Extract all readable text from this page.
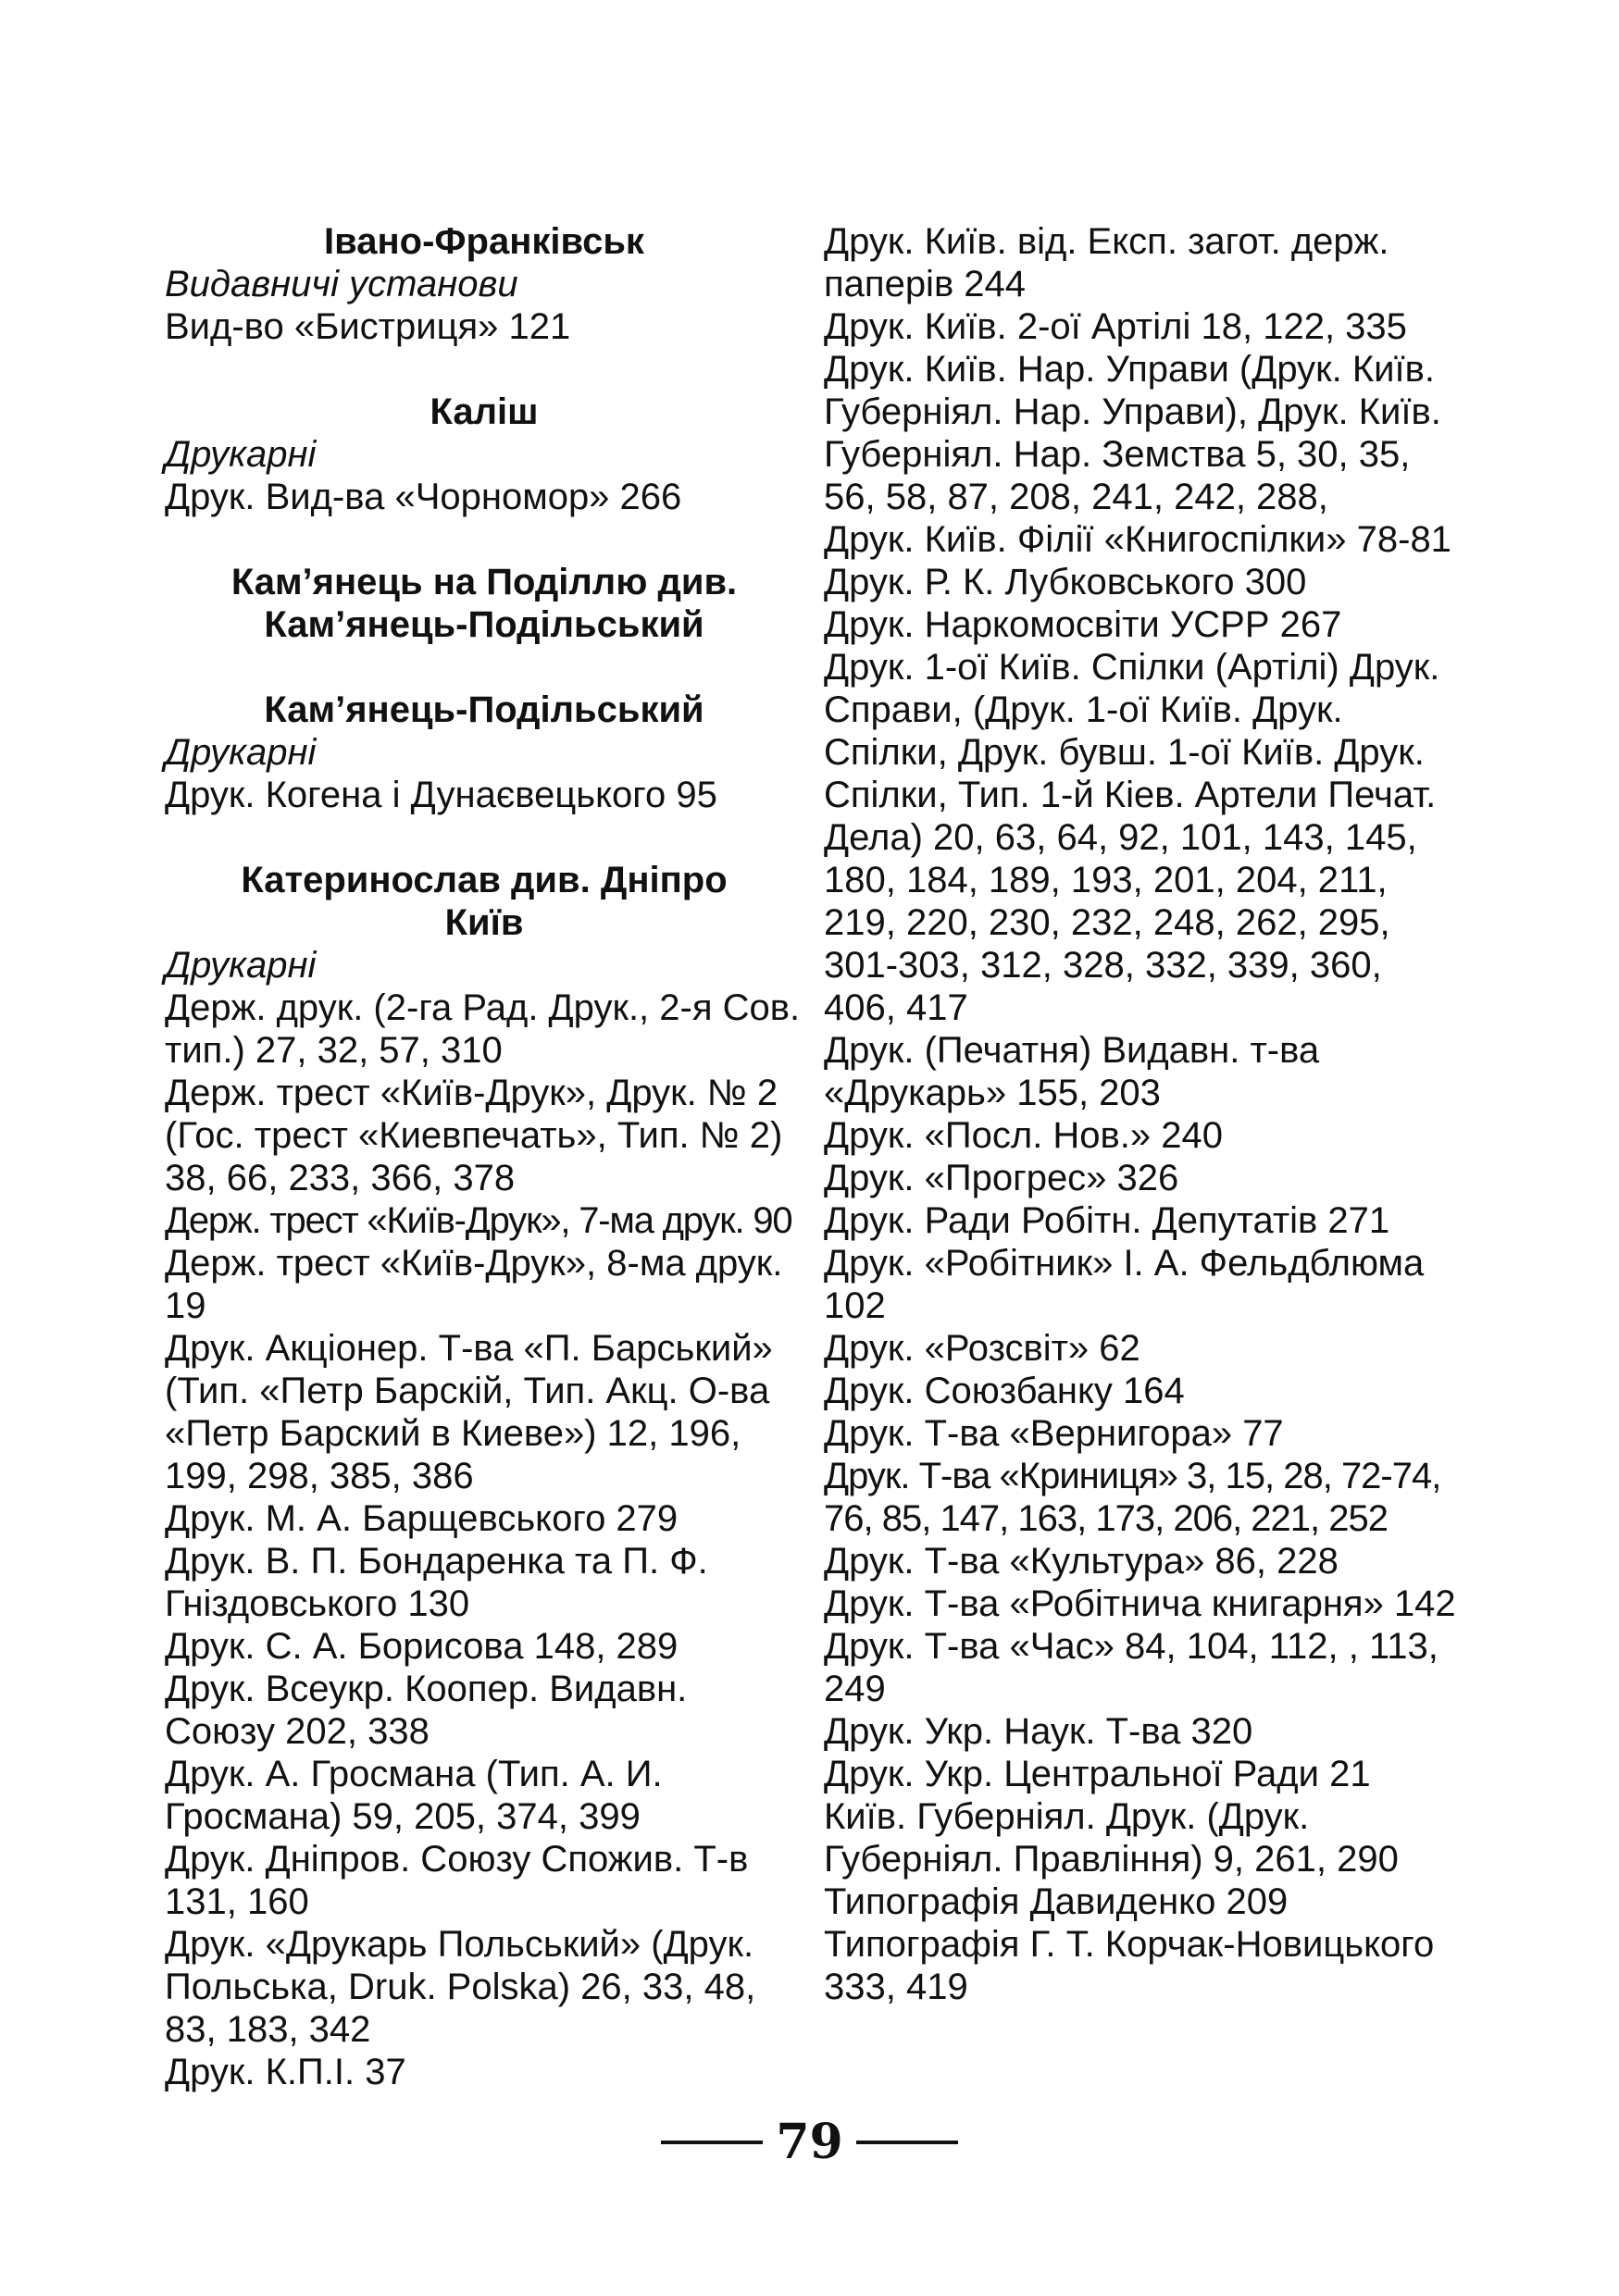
Івано-Франківськ

Видавничі установи

Вид-во «Бистриця» 121

Каліш

Друкарні

Друк. Вид-ва «Чорномор» 266

Кам’янець на Поділлю див.

Кам’янець-Подільський

Кам’янець-Подільський

Друкарні

Друк. Когена і Дунаєвецького 95

Катеринослав див. Дніпро

Київ

Друкарні

Держ. друк. (2-га Рад. Друк., 2-я Сов. тип.) 27, 32, 57, 310

Держ. трест «Київ-Друк», Друк. № 2 (Гос. трест «Киевпечать», Тип. № 2) 38, 66, 233, 366, 378

Держ. трест «Київ-Друк», 7-ма друк. 90

Держ. трест «Київ-Друк», 8-ма друк. 19

Друк. Акціонер. Т-ва «П. Барський» (Тип. «Петр Барскій, Тип. Акц. О-ва «Петр Барский в Киеве») 12, 196, 199, 298, 385, 386

Друк. М. А. Барщевського 279

Друк. В. П. Бондаренка та П. Ф. Гніздовського 130

Друк. С. А. Борисова 148, 289

Друк. Всеукр. Коопер. Видавн. Союзу 202, 338

Друк. А. Гросмана (Тип. А. И. Гросмана) 59, 205, 374, 399

Друк. Дніпров. Союзу Спожив. Т-в 131, 160

Друк. «Друкарь Польський» (Друк. Польська, Druk. Polska) 26, 33, 48, 83, 183, 342

Друк. К.П.І. 37

Друк. Київ. від. Експ. загот. держ. паперів 244

Друк. Київ. 2-ої Артілі 18, 122, 335

Друк. Київ. Нар. Управи (Друк. Київ. Губерніял. Нар. Управи), Друк. Київ. Губерніял. Нар. Земства 5, 30, 35, 56, 58, 87, 208, 241, 242, 288,

Друк. Київ. Філії «Книгоспілки» 78-81

Друк. Р. К. Лубковського 300

Друк. Наркомосвіти УСРР 267

Друк. 1-ої Київ. Спілки (Артілі) Друк. Справи, (Друк. 1-ої Київ. Друк. Спілки, Друк. бувш. 1-ої Київ. Друк. Спілки, Тип. 1-й Кіев. Артели Печат. Дела) 20, 63, 64, 92, 101, 143, 145, 180, 184, 189, 193, 201, 204, 211, 219, 220, 230, 232, 248, 262, 295, 301-303, 312, 328, 332, 339, 360, 406, 417

Друк. (Печатня) Видавн. т-ва «Друкарь» 155, 203

Друк. «Посл. Нов.» 240

Друк. «Прогрес» 326

Друк. Ради Робітн. Депутатів 271

Друк. «Робітник» І. А. Фельдблюма 102

Друк. «Розсвіт» 62

Друк. Союзбанку 164

Друк. Т-ва «Вернигора» 77

Друк. Т-ва «Криниця» 3, 15, 28, 72-74, 76, 85, 147, 163, 173, 206, 221, 252

Друк. Т-ва «Культура» 86, 228

Друк. Т-ва «Робітнича книгарня» 142

Друк. Т-ва «Час» 84, 104, 112, , 113, 249

Друк. Укр. Наук. Т-ва 320

Друк. Укр. Центральної Ради 21

Київ. Губерніял. Друк. (Друк. Губерніял. Правління) 9, 261, 290

Типографія Давиденко 209

Типографія Г. Т. Корчак-Новицького 333, 419

79
